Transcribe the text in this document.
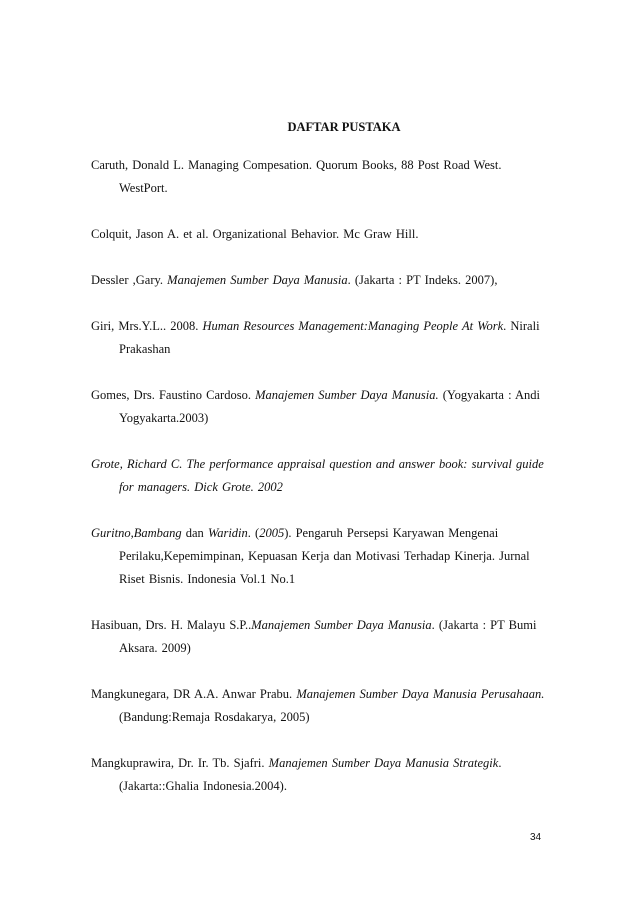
DAFTAR PUSTAKA

Caruth, Donald L. Managing Compesation. Quorum Books, 88 Post Road West. WestPort.

Colquit, Jason A. et al. Organizational Behavior. Mc Graw Hill.

Dessler ,Gary. Manajemen Sumber Daya Manusia. (Jakarta : PT Indeks. 2007),

Giri, Mrs.Y.L.. 2008. Human Resources Management:Managing People At Work. Nirali Prakashan

Gomes, Drs. Faustino Cardoso. Manajemen Sumber Daya Manusia. (Yogyakarta : Andi Yogyakarta.2003)

Grote, Richard C. The performance appraisal question and answer book: survival guide for managers. Dick Grote. 2002

Guritno,Bambang dan Waridin. (2005). Pengaruh Persepsi Karyawan Mengenai Perilaku,Kepemimpinan, Kepuasan Kerja dan Motivasi Terhadap Kinerja. Jurnal Riset Bisnis. Indonesia Vol.1 No.1

Hasibuan, Drs. H. Malayu S.P..Manajemen Sumber Daya Manusia. (Jakarta : PT Bumi Aksara. 2009)

Mangkunegara, DR A.A. Anwar Prabu. Manajemen Sumber Daya Manusia Perusahaan. (Bandung:Remaja Rosdakarya, 2005)

Mangkuprawira, Dr. Ir. Tb. Sjafri. Manajemen Sumber Daya Manusia Strategik. (Jakarta::Ghalia Indonesia.2004).

34
